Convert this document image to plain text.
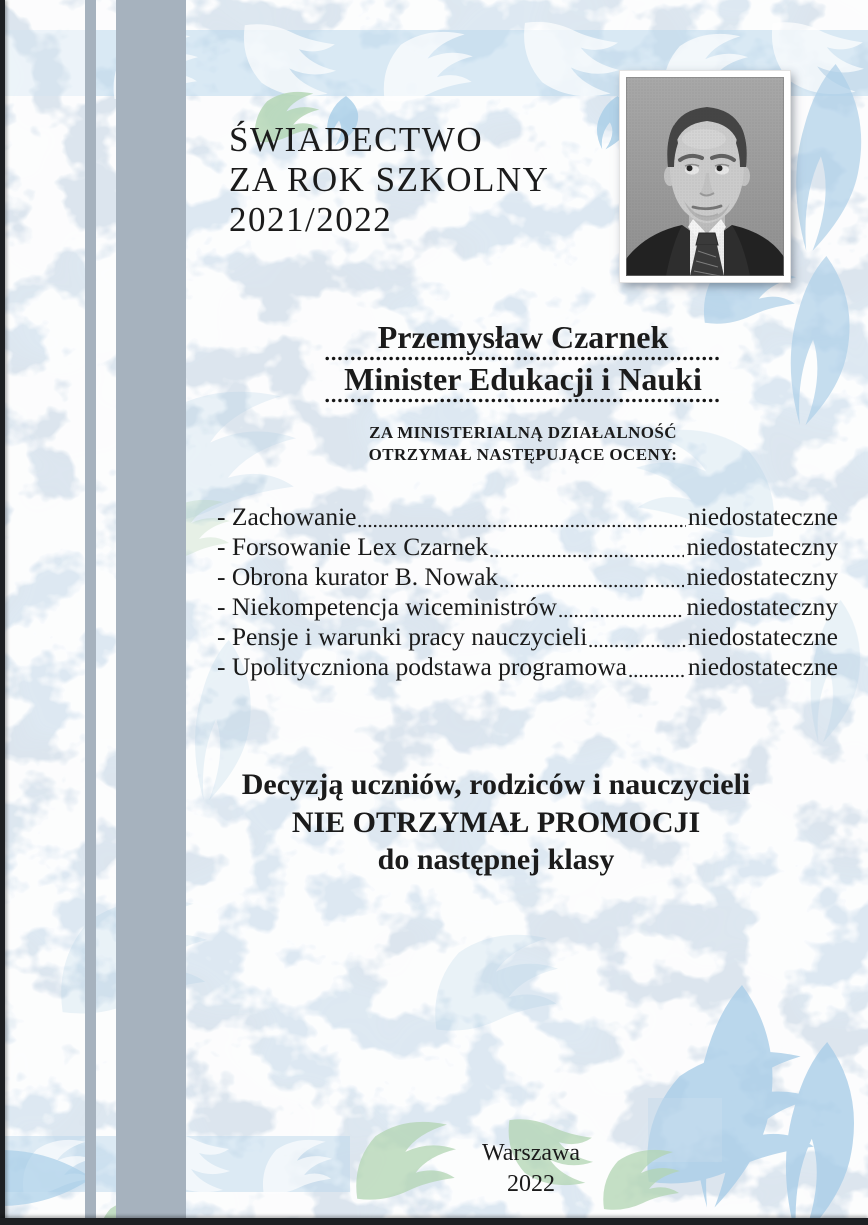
ŚWIADECTWO
ZA ROK SZKOLNY
2021/2022
Przemysław Czarnek
Minister Edukacji i Nauki
ZA MINISTERIALNĄ DZIAŁALNOŚĆ
OTRZYMAŁ NASTĘPUJĄCE OCENY:
- Zachowanie	niedostateczne
- Forsowanie Lex Czarnek	niedostateczny
- Obrona kurator B. Nowak	niedostateczny
- Niekompetencja wiceministrów	niedostateczny
- Pensje i warunki pracy nauczycieli	niedostateczne
- Upolityczniona podstawa programowa niedostateczne
Decyzją uczniów, rodziców i nauczycieli
NIE OTRZYMAŁ PROMOCJI
do następnej klasy
Warszawa
2022
